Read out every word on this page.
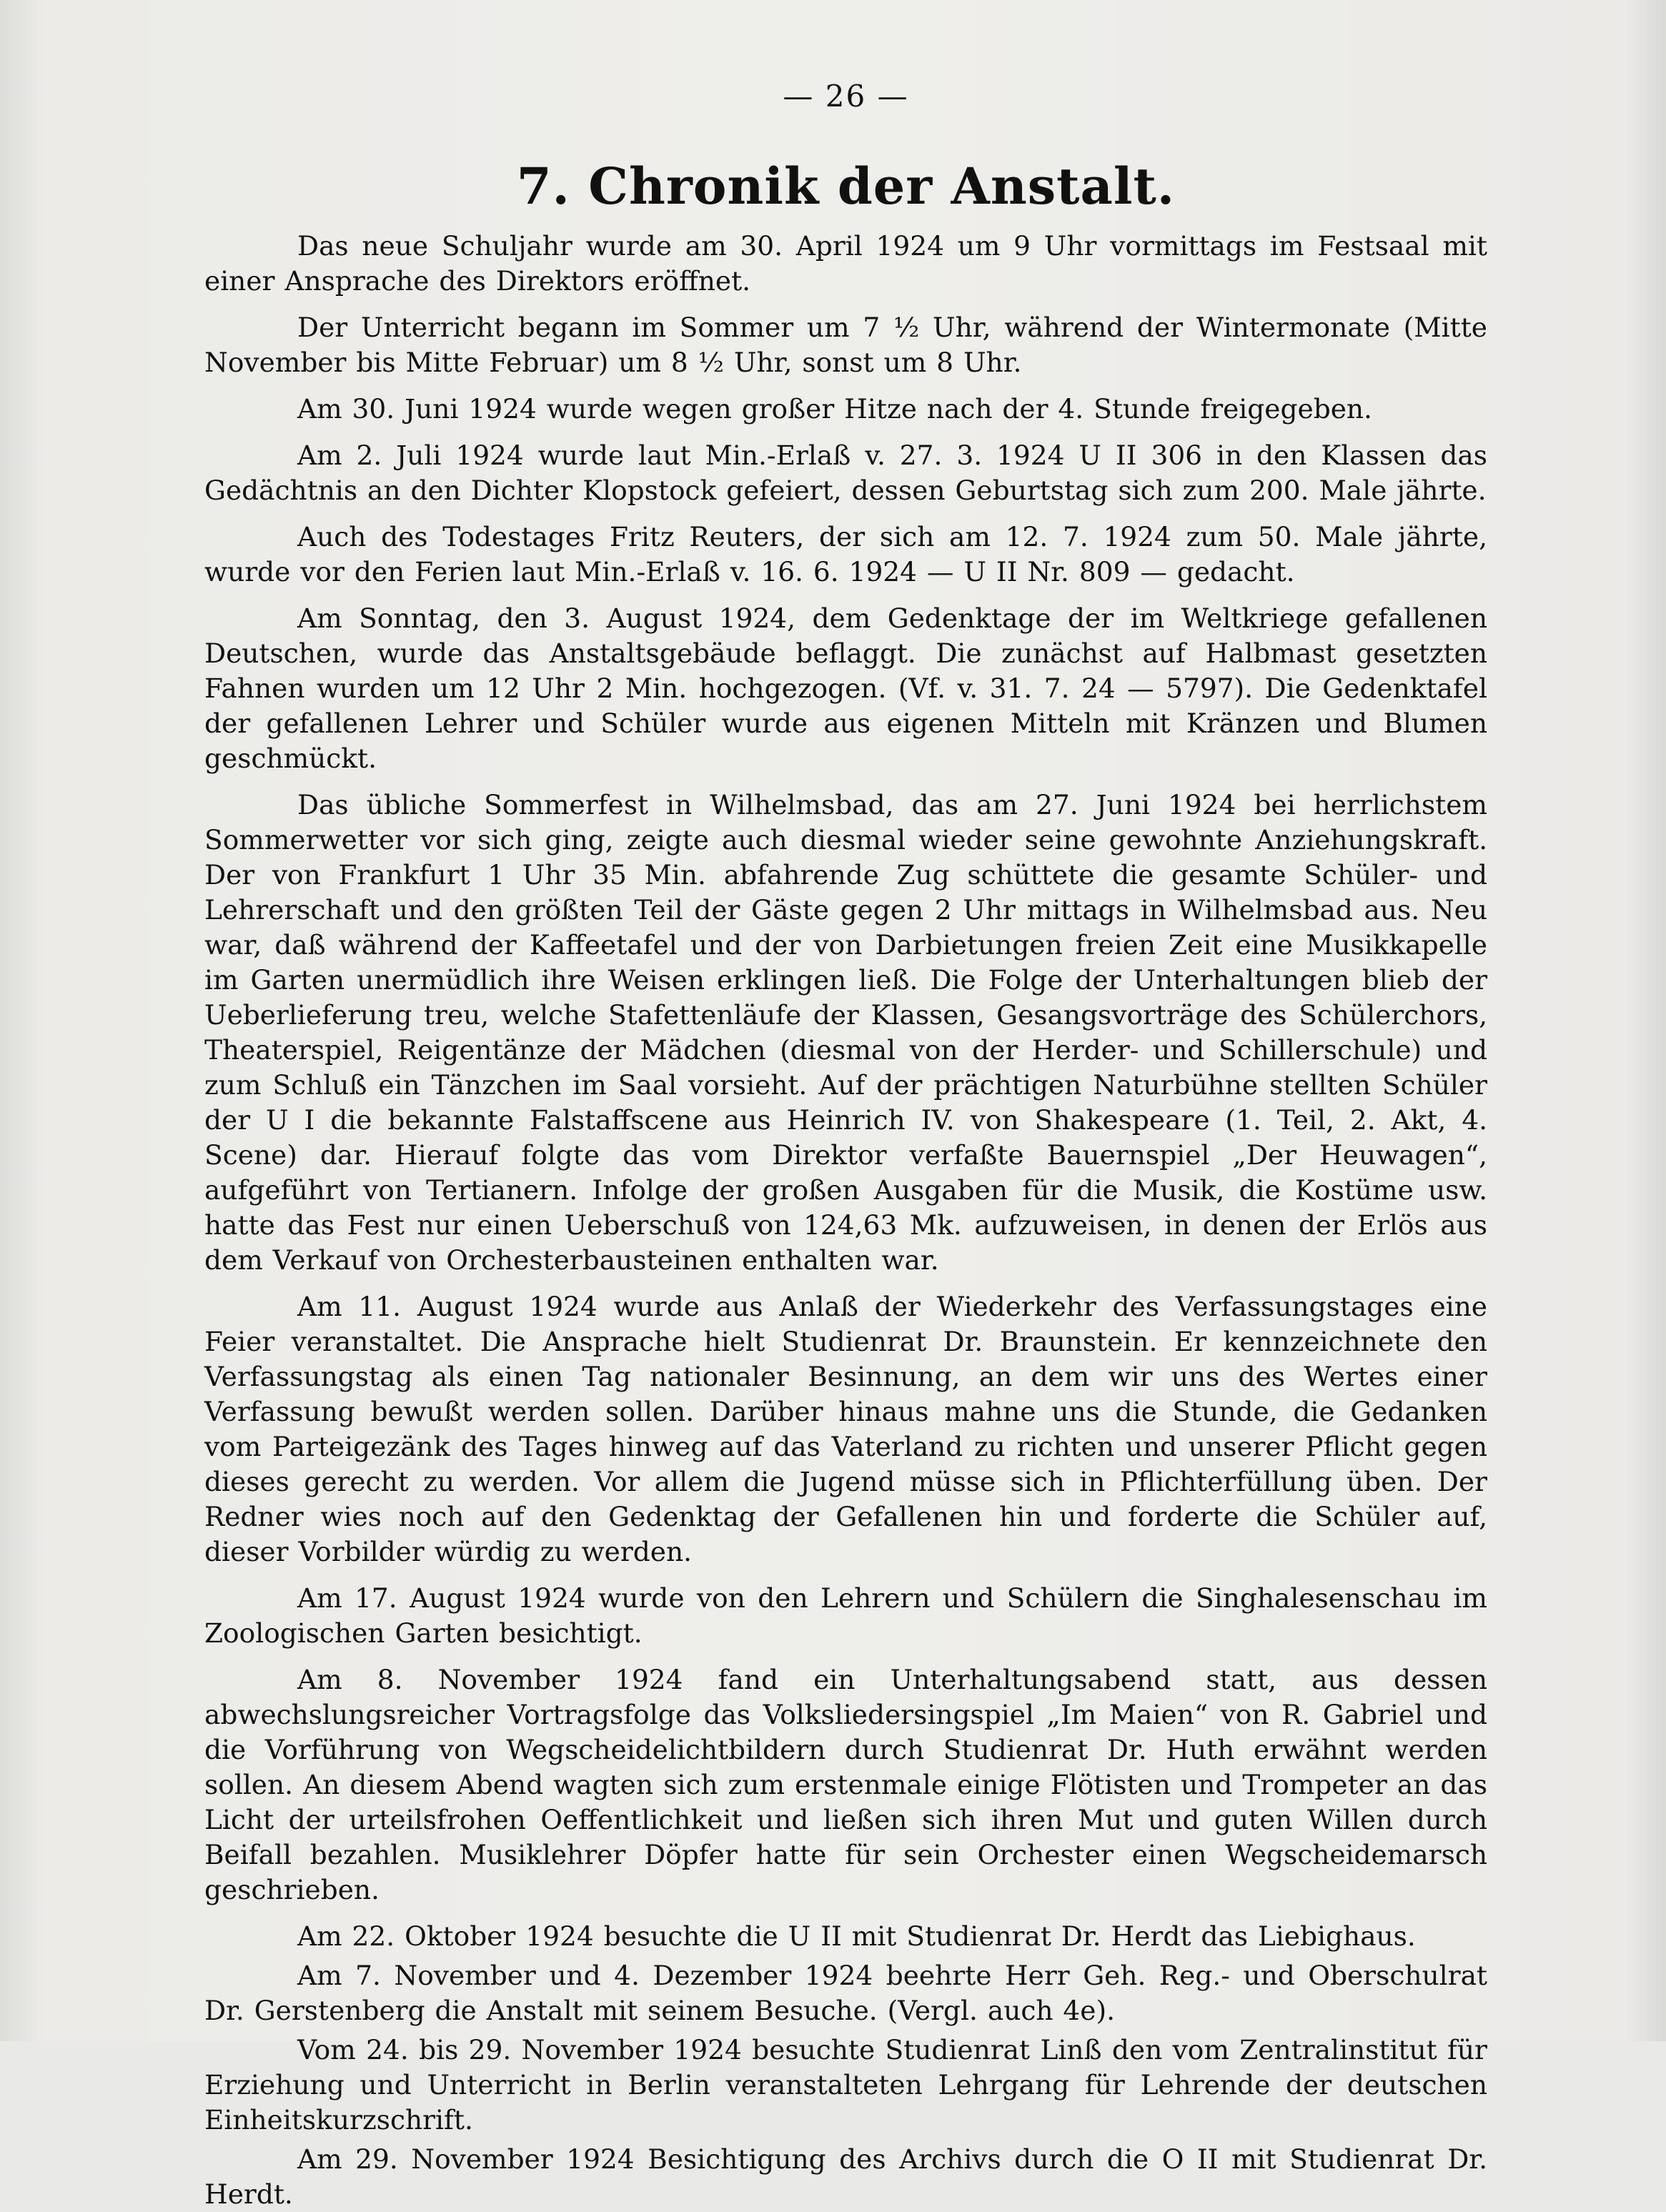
— 26 —
7. Chronik der Anstalt.

Das neue Schuljahr wurde am 30. April 1924 um 9 Uhr vormittags im Festsaal mit einer Ansprache des Direktors eröffnet.

Der Unterricht begann im Sommer um 7 ½ Uhr, während der Wintermonate (Mitte November bis Mitte Februar) um 8 ½ Uhr, sonst um 8 Uhr.

Am 30. Juni 1924 wurde wegen großer Hitze nach der 4. Stunde freigegeben.

Am 2. Juli 1924 wurde laut Min.-Erlaß v. 27. 3. 1924 U II 306 in den Klassen das Gedächtnis an den Dichter Klopstock gefeiert, dessen Geburtstag sich zum 200. Male jährte.

Auch des Todestages Fritz Reuters, der sich am 12. 7. 1924 zum 50. Male jährte, wurde vor den Ferien laut Min.-Erlaß v. 16. 6. 1924 — U II Nr. 809 — gedacht.

Am Sonntag, den 3. August 1924, dem Gedenktage der im Weltkriege gefallenen Deutschen, wurde das Anstaltsgebäude beflaggt. Die zunächst auf Halbmast gesetzten Fahnen wurden um 12 Uhr 2 Min. hochgezogen. (Vf. v. 31. 7. 24 — 5797). Die Gedenktafel der gefallenen Lehrer und Schüler wurde aus eigenen Mitteln mit Kränzen und Blumen geschmückt.

Das übliche Sommerfest in Wilhelmsbad, das am 27. Juni 1924 bei herrlichstem Sommerwetter vor sich ging, zeigte auch diesmal wieder seine gewohnte Anziehungskraft. Der von Frankfurt 1 Uhr 35 Min. abfahrende Zug schüttete die gesamte Schüler- und Lehrerschaft und den größten Teil der Gäste gegen 2 Uhr mittags in Wilhelmsbad aus. Neu war, daß während der Kaffeetafel und der von Darbietungen freien Zeit eine Musikkapelle im Garten unermüdlich ihre Weisen erklingen ließ. Die Folge der Unterhaltungen blieb der Ueberlieferung treu, welche Stafettenläufe der Klassen, Gesangsvorträge des Schülerchors, Theaterspiel, Reigentänze der Mädchen (diesmal von der Herder- und Schillerschule) und zum Schluß ein Tänzchen im Saal vorsieht. Auf der prächtigen Naturbühne stellten Schüler der U I die bekannte Falstaffscene aus Heinrich IV. von Shakespeare (1. Teil, 2. Akt, 4. Scene) dar. Hierauf folgte das vom Direktor verfaßte Bauernspiel „Der Heuwagen“, aufgeführt von Tertianern. Infolge der großen Ausgaben für die Musik, die Kostüme usw. hatte das Fest nur einen Ueberschuß von 124,63 Mk. aufzuweisen, in denen der Erlös aus dem Verkauf von Orchesterbausteinen enthalten war.

Am 11. August 1924 wurde aus Anlaß der Wiederkehr des Verfassungstages eine Feier veranstaltet. Die Ansprache hielt Studienrat Dr. Braunstein. Er kennzeichnete den Verfassungstag als einen Tag nationaler Besinnung, an dem wir uns des Wertes einer Verfassung bewußt werden sollen. Darüber hinaus mahne uns die Stunde, die Gedanken vom Parteigezänk des Tages hinweg auf das Vaterland zu richten und unserer Pflicht gegen dieses gerecht zu werden. Vor allem die Jugend müsse sich in Pflichterfüllung üben. Der Redner wies noch auf den Gedenktag der Gefallenen hin und forderte die Schüler auf, dieser Vorbilder würdig zu werden.

Am 17. August 1924 wurde von den Lehrern und Schülern die Singhalesenschau im Zoologischen Garten besichtigt.

Am 8. November 1924 fand ein Unterhaltungsabend statt, aus dessen abwechslungsreicher Vortragsfolge das Volksliedersingspiel „Im Maien“ von R. Gabriel und die Vorführung von Wegscheidelichtbildern durch Studienrat Dr. Huth erwähnt werden sollen. An diesem Abend wagten sich zum erstenmale einige Flötisten und Trompeter an das Licht der urteilsfrohen Oeffentlichkeit und ließen sich ihren Mut und guten Willen durch Beifall bezahlen. Musiklehrer Döpfer hatte für sein Orchester einen Wegscheidemarsch geschrieben.

Am 22. Oktober 1924 besuchte die U II mit Studienrat Dr. Herdt das Liebighaus.

Am 7. November und 4. Dezember 1924 beehrte Herr Geh. Reg.- und Oberschulrat Dr. Gerstenberg die Anstalt mit seinem Besuche. (Vergl. auch 4e).

Vom 24. bis 29. November 1924 besuchte Studienrat Linß den vom Zentralinstitut für Erziehung und Unterricht in Berlin veranstalteten Lehrgang für Lehrende der deutschen Einheitskurzschrift.

Am 29. November 1924 Besichtigung des Archivs durch die O II mit Studienrat Dr. Herdt.
